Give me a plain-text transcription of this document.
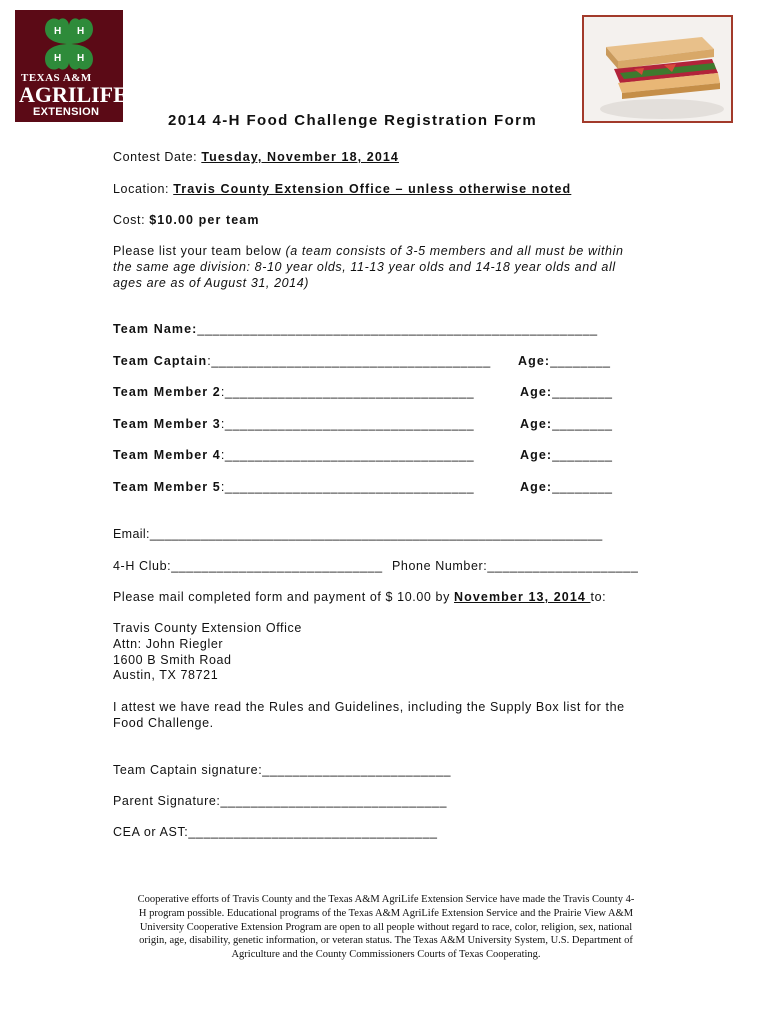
H H
H H
TEXAS A&M
AGRILIFE
EXTENSION	2014 4-H Food Challenge Registration Form
Contest Date: Tuesday, November 18, 2014
Location: Travis County Extension Office – unless otherwise noted
Cost: $10.00 per team
Please list your team below (a team consists of 3-5 members and all must be within
the same age division: 8-10 year olds, 11-13 year olds and 14-18 year olds and all
ages are as of August 31, 2014)
Team Name:_____________________________________________________
Team Captain:_____________________________________ Age:________
Team Member 2:_________________________________	Age:________
Team Member 3:_________________________________	Age:________
Team Member 4:_________________________________	Age:________
Team Member 5:_________________________________	Age:________
Email:______________________________________________________________
4-H Club:____________________________ Phone Number:____________________
Please mail completed form and payment of $ 10.00 by November 13, 2014 to:
Travis County Extension Office
Attn: John Riegler
1600 B Smith Road
Austin, TX 78721
I attest we have read the Rules and Guidelines, including the Supply Box list for the
Food Challenge.
Team Captain signature:_________________________
Parent Signature:______________________________
CEA or AST:_________________________________
Cooperative efforts of Travis County and the Texas A&M AgriLife Extension Service have made the Travis County 4-
H program possible. Educational programs of the Texas A&M AgriLife Extension Service and the Prairie View A&M
University Cooperative Extension Program are open to all people without regard to race, color, religion, sex, national
origin, age, disability, genetic information, or veteran status. The Texas A&M University System, U.S. Department of
Agriculture and the County Commissioners Courts of Texas Cooperating.
